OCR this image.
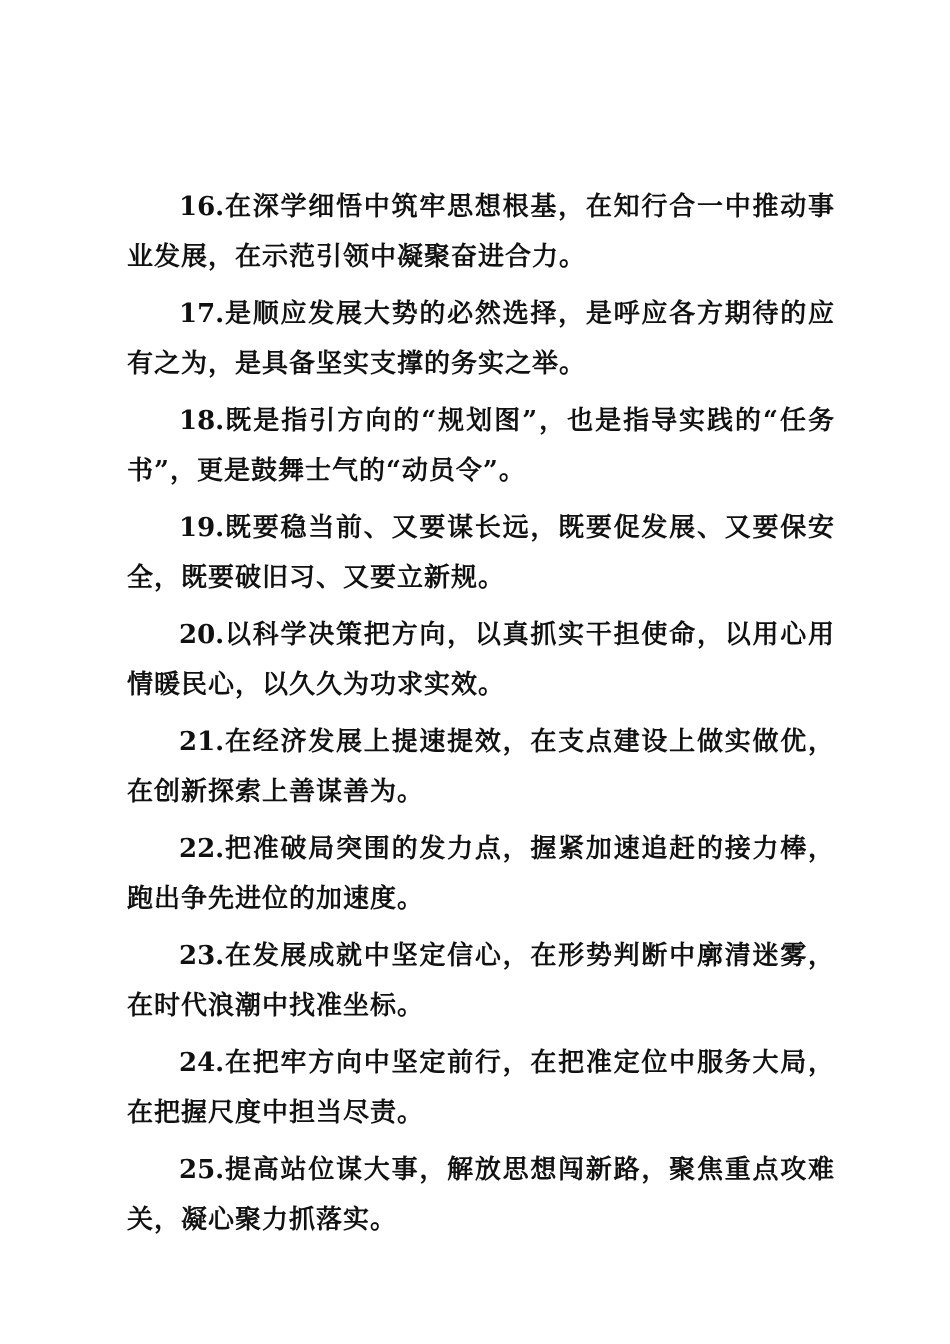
16.在深学细悟中筑牢思想根基，在知行合一中推动事业发展，在示范引领中凝聚奋进合力。

17.是顺应发展大势的必然选择，是呼应各方期待的应有之为，是具备坚实支撑的务实之举。

18.既是指引方向的“规划图”，也是指导实践的“任务书”，更是鼓舞士气的“动员令”。

19.既要稳当前、又要谋长远，既要促发展、又要保安全，既要破旧习、又要立新规。

20.以科学决策把方向，以真抓实干担使命，以用心用情暖民心，以久久为功求实效。

21.在经济发展上提速提效，在支点建设上做实做优，在创新探索上善谋善为。

22.把准破局突围的发力点，握紧加速追赶的接力棒，跑出争先进位的加速度。

23.在发展成就中坚定信心，在形势判断中廓清迷雾，在时代浪潮中找准坐标。

24.在把牢方向中坚定前行，在把准定位中服务大局，在把握尺度中担当尽责。

25.提高站位谋大事，解放思想闯新路，聚焦重点攻难关，凝心聚力抓落实。
